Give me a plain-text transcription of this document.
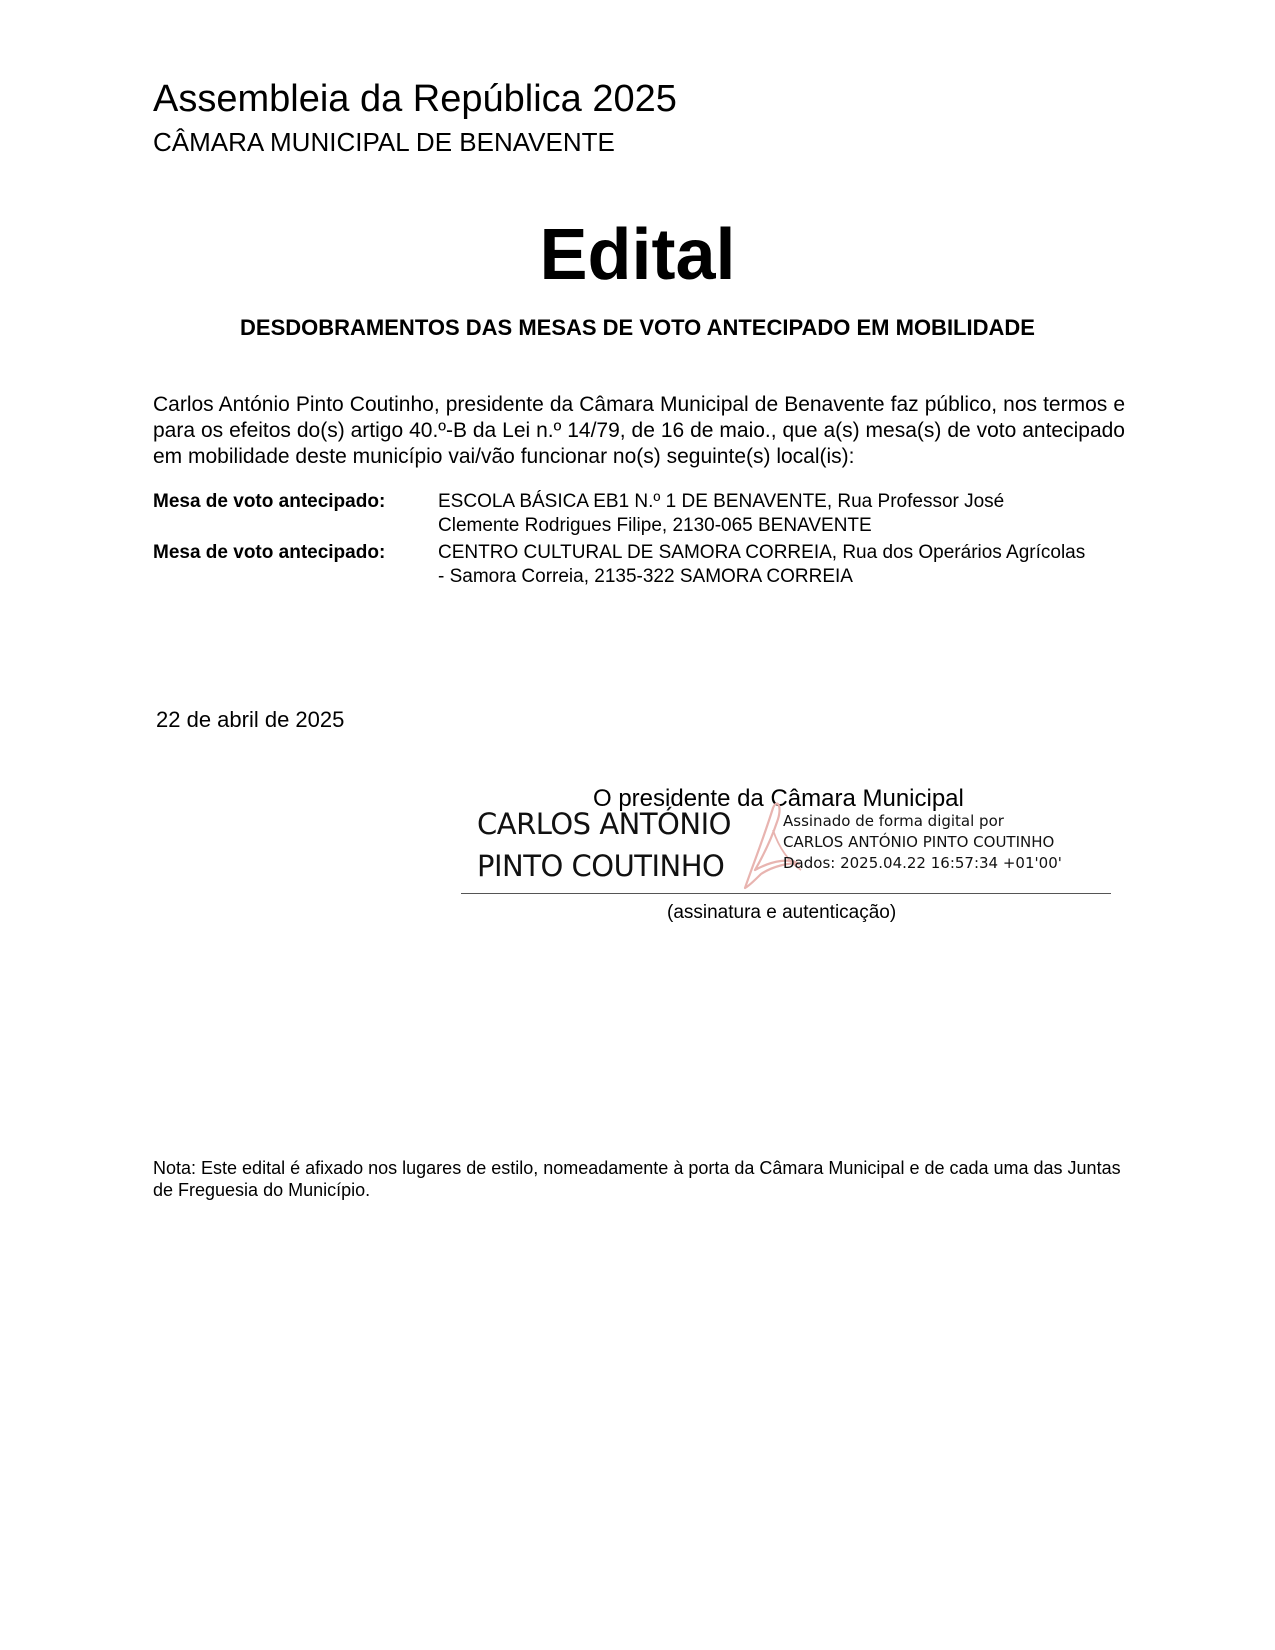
Assembleia da República 2025
CÂMARA MUNICIPAL DE BENAVENTE
Edital
DESDOBRAMENTOS DAS MESAS DE VOTO ANTECIPADO EM MOBILIDADE
Carlos António Pinto Coutinho, presidente da Câmara Municipal de Benavente faz público, nos termos e para os efeitos do(s) artigo 40.º-B da Lei n.º 14/79, de 16 de maio., que a(s) mesa(s) de voto antecipado em mobilidade deste município vai/vão funcionar no(s) seguinte(s) local(is):
Mesa de voto antecipado:	ESCOLA BÁSICA EB1 N.º 1 DE BENAVENTE, Rua Professor José Clemente Rodrigues Filipe, 2130-065 BENAVENTE
Mesa de voto antecipado:	CENTRO CULTURAL DE SAMORA CORREIA, Rua dos Operários Agrícolas - Samora Correia, 2135-322 SAMORA CORREIA
22 de abril de 2025
O presidente da Câmara Municipal
CARLOS ANTÓNIO
PINTO COUTINHO
Assinado de forma digital por
CARLOS ANTÓNIO PINTO COUTINHO
Dados: 2025.04.22 16:57:34 +01'00'
(assinatura e autenticação)
Nota: Este edital é afixado nos lugares de estilo, nomeadamente à porta da Câmara Municipal e de cada uma das Juntas de Freguesia do Município.
